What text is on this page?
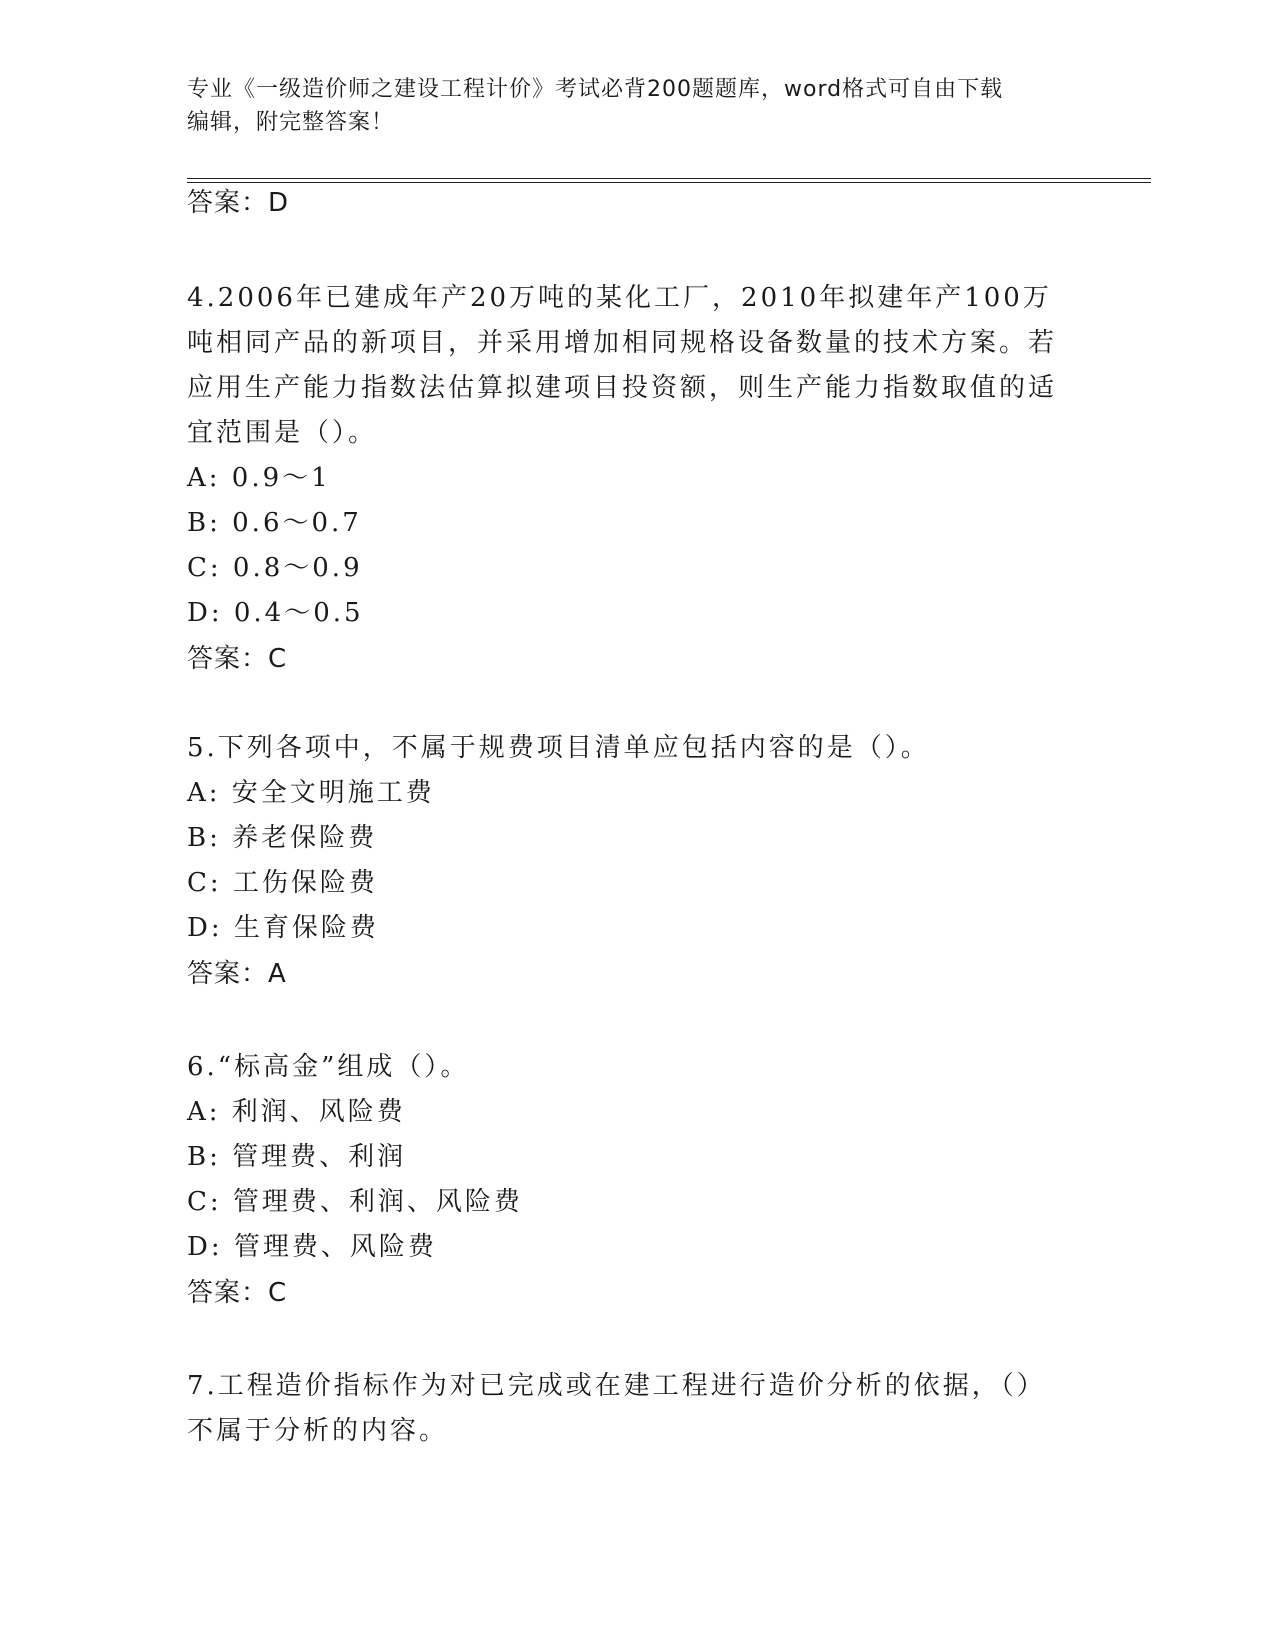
专业《一级造价师之建设工程计价》考试必背200题题库，word格式可自由下载
编辑，附完整答案！

答案：D

4.2006年已建成年产20万吨的某化工厂，2010年拟建年产100万吨相同产品的新项目，并采用增加相同规格设备数量的技术方案。若应用生产能力指数法估算拟建项目投资额，则生产能力指数取值的适宜范围是（）。

A: 0.9～1

B: 0.6～0.7

C: 0.8～0.9

D: 0.4～0.5

答案：C

5.下列各项中，不属于规费项目清单应包括内容的是（）。

A: 安全文明施工费

B: 养老保险费

C: 工伤保险费

D: 生育保险费

答案：A

6.“标高金”组成（）。

A: 利润、风险费

B: 管理费、利润

C: 管理费、利润、风险费

D: 管理费、风险费

答案：C

7.工程造价指标作为对已完成或在建工程进行造价分析的依据，（）不属于分析的内容。
